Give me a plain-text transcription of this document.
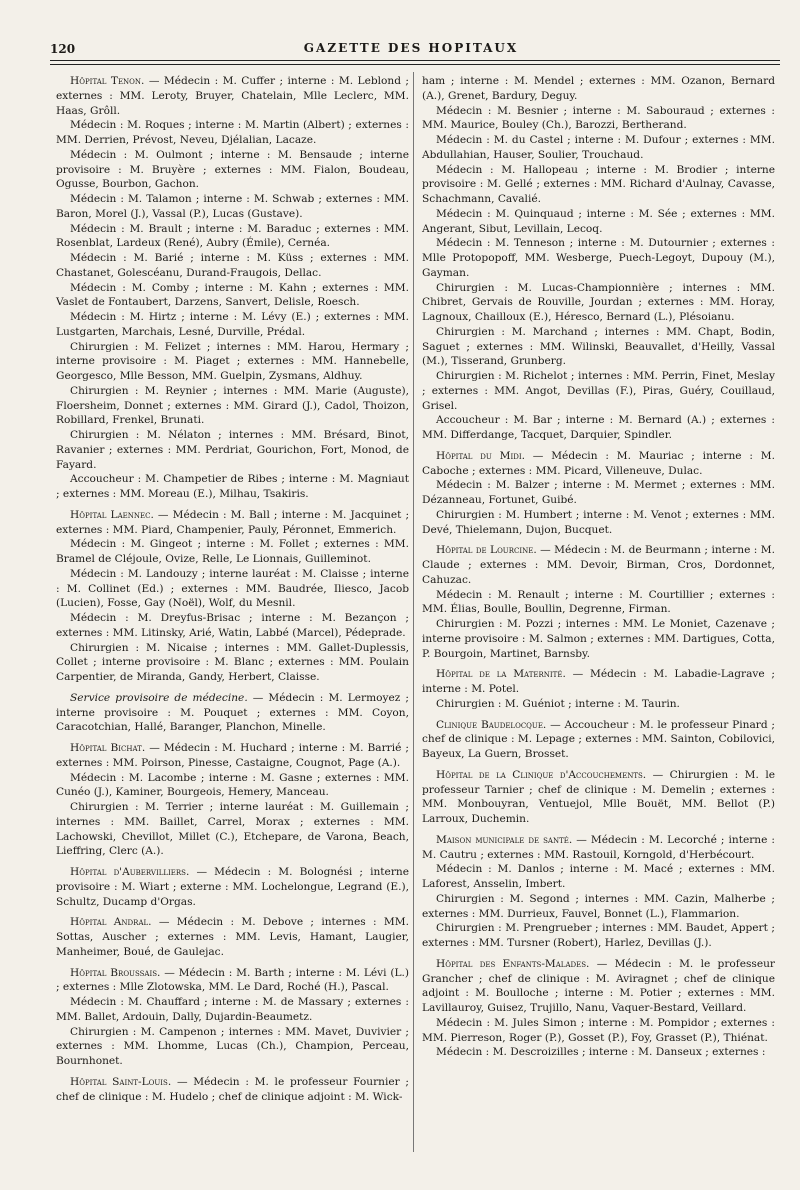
120	GAZETTE DES HOPITAUX

Hôpital Tenon. — Médecin : M. Cuffer ; interne : M. Leblond ; externes : MM. Leroty, Bruyer, Chatelain, Mlle Leclerc, MM. Haas, Grôll.

Médecin : M. Roques ; interne : M. Martin (Albert) ; externes : MM. Derrien, Prévost, Neveu, Djélalian, Lacaze.

Médecin : M. Oulmont ; interne : M. Bensaude ; interne provisoire : M. Bruyère ; externes : MM. Fialon, Boudeau, Ogusse, Bourbon, Gachon.

Médecin : M. Talamon ; interne : M. Schwab ; externes : MM. Baron, Morel (J.), Vassal (P.), Lucas (Gustave).

Médecin : M. Brault ; interne : M. Baraduc ; externes : MM. Rosenblat, Lardeux (René), Aubry (Émile), Cernéa.

Médecin : M. Barié ; interne : M. Küss ; externes : MM. Chastanet, Golescéanu, Durand-Fraugois, Dellac.

Médecin : M. Comby ; interne : M. Kahn ; externes : MM. Vaslet de Fontaubert, Darzens, Sanvert, Delisle, Roesch.

Médecin : M. Hirtz ; interne : M. Lévy (E.) ; externes : MM. Lustgarten, Marchais, Lesné, Durville, Prédal.

Chirurgien : M. Felizet ; internes : MM. Harou, Hermary ; interne provisoire : M. Piaget ; externes : MM. Hannebelle, Georgesco, Mlle Besson, MM. Guelpin, Zysmans, Aldhuy.

Chirurgien : M. Reynier ; internes : MM. Marie (Auguste), Floersheim, Donnet ; externes : MM. Girard (J.), Cadol, Thoizon, Robillard, Frenkel, Brunati.

Chirurgien : M. Nélaton ; internes : MM. Brésard, Binot, Ravanier ; externes : MM. Perdriat, Gourichon, Fort, Monod, de Fayard.

Accoucheur : M. Champetier de Ribes ; interne : M. Magniaut ; externes : MM. Moreau (E.), Milhau, Tsakiris.

Hôpital Laennec. — Médecin : M. Ball ; interne : M. Jacquinet ; externes : MM. Piard, Champenier, Pauly, Péronnet, Emmerich.

Médecin : M. Gingeot ; interne : M. Follet ; externes : MM. Bramel de Cléjoule, Ovize, Relle, Le Lionnais, Guilleminot.

Médecin : M. Landouzy ; interne lauréat : M. Claisse ; interne : M. Collinet (Ed.) ; externes : MM. Baudrée, Iliesco, Jacob (Lucien), Fosse, Gay (Noël), Wolf, du Mesnil.

Médecin : M. Dreyfus-Brisac ; interne : M. Bezançon ; externes : MM. Litinsky, Arié, Watin, Labbé (Marcel), Pédeprade.

Chirurgien : M. Nicaise ; internes : MM. Gallet-Duplessis, Collet ; interne provisoire : M. Blanc ; externes : MM. Poulain Carpentier, de Miranda, Gandy, Herbert, Claisse.

Service provisoire de médecine. — Médecin : M. Lermoyez ; interne provisoire : M. Pouquet ; externes : MM. Coyon, Caracotchian, Hallé, Baranger, Planchon, Minelle.

Hôpital Bichat. — Médecin : M. Huchard ; interne : M. Barrié ; externes : MM. Poirson, Pinesse, Castaigne, Cougnot, Page (A.).

Médecin : M. Lacombe ; interne : M. Gasne ; externes : MM. Cunéo (J.), Kaminer, Bourgeois, Hemery, Manceau.

Chirurgien : M. Terrier ; interne lauréat : M. Guillemain ; internes : MM. Baillet, Carrel, Morax ; externes : MM. Lachowski, Chevillot, Millet (C.), Etchepare, de Varona, Beach, Lieffring, Clerc (A.).

Hôpital d'Aubervilliers. — Médecin : M. Bolognési ; interne provisoire : M. Wiart ; externe : MM. Lochelongue, Legrand (E.), Schultz, Ducamp d'Orgas.

Hôpital Andral. — Médecin : M. Debove ; internes : MM. Sottas, Auscher ; externes : MM. Levis, Hamant, Laugier, Manheimer, Boué, de Gaulejac.

Hôpital Broussais. — Médecin : M. Barth ; interne : M. Lévi (L.) ; externes : Mlle Zlotowska, MM. Le Dard, Roché (H.), Pascal.

Médecin : M. Chauffard ; interne : M. de Massary ; externes : MM. Ballet, Ardouin, Dally, Dujardin-Beaumetz.

Chirurgien : M. Campenon ; internes : MM. Mavet, Duvivier ; externes : MM. Lhomme, Lucas (Ch.), Champion, Perceau, Bournhonet.

Hôpital Saint-Louis. — Médecin : M. le professeur Fournier ; chef de clinique : M. Hudelo ; chef de clinique adjoint : M. Wick-

ham ; interne : M. Mendel ; externes : MM. Ozanon, Bernard (A.), Grenet, Bardury, Deguy.

Médecin : M. Besnier ; interne : M. Sabouraud ; externes : MM. Maurice, Bouley (Ch.), Barozzi, Bertherand.

Médecin : M. du Castel ; interne : M. Dufour ; externes : MM. Abdullahian, Hauser, Soulier, Trouchaud.

Médecin : M. Hallopeau ; interne : M. Brodier ; interne provisoire : M. Gellé ; externes : MM. Richard d'Aulnay, Cavasse, Schachmann, Cavalié.

Médecin : M. Quinquaud ; interne : M. Sée ; externes : MM. Angerant, Sibut, Levillain, Lecoq.

Médecin : M. Tenneson ; interne : M. Dutournier ; externes : Mlle Protopopoff, MM. Wesberge, Puech-Legoyt, Dupouy (M.), Gayman.

Chirurgien : M. Lucas-Championnière ; internes : MM. Chibret, Gervais de Rouville, Jourdan ; externes : MM. Horay, Lagnoux, Chailloux (E.), Héresco, Bernard (L.), Plésoianu.

Chirurgien : M. Marchand ; internes : MM. Chapt, Bodin, Saguet ; externes : MM. Wilinski, Beauvallet, d'Heilly, Vassal (M.), Tisserand, Grunberg.

Chirurgien : M. Richelot ; internes : MM. Perrin, Finet, Meslay ; externes : MM. Angot, Devillas (F.), Piras, Guéry, Couillaud, Grisel.

Accoucheur : M. Bar ; interne : M. Bernard (A.) ; externes : MM. Differdange, Tacquet, Darquier, Spindler.

Hôpital du Midi. — Médecin : M. Mauriac ; interne : M. Caboche ; externes : MM. Picard, Villeneuve, Dulac.

Médecin : M. Balzer ; interne : M. Mermet ; externes : MM. Dézanneau, Fortunet, Guibé.

Chirurgien : M. Humbert ; interne : M. Venot ; externes : MM. Devé, Thielemann, Dujon, Bucquet.

Hôpital de Lourcine. — Médecin : M. de Beurmann ; interne : M. Claude ; externes : MM. Devoir, Birman, Cros, Dordonnet, Cahuzac.

Médecin : M. Renault ; interne : M. Courtillier ; externes : MM. Élias, Boulle, Boullin, Degrenne, Firman.

Chirurgien : M. Pozzi ; internes : MM. Le Moniet, Cazenave ; interne provisoire : M. Salmon ; externes : MM. Dartigues, Cotta, P. Bourgoin, Martinet, Barnsby.

Hôpital de la Maternité. — Médecin : M. Labadie-Lagrave ; interne : M. Potel.

Chirurgien : M. Guéniot ; interne : M. Taurin.

Clinique Baudelocque. — Accoucheur : M. le professeur Pinard ; chef de clinique : M. Lepage ; externes : MM. Sainton, Cobilovici, Bayeux, La Guern, Brosset.

Hôpital de la Clinique d'Accouchements. — Chirurgien : M. le professeur Tarnier ; chef de clinique : M. Demelin ; externes : MM. Monbouyran, Ventuejol, Mlle Bouët, MM. Bellot (P.) Larroux, Duchemin.

Maison municipale de santé. — Médecin : M. Lecorché ; interne : M. Cautru ; externes : MM. Rastouil, Korngold, d'Herbécourt.

Médecin : M. Danlos ; interne : M. Macé ; externes : MM. Laforest, Ansselin, Imbert.

Chirurgien : M. Segond ; internes : MM. Cazin, Malherbe ; externes : MM. Durrieux, Fauvel, Bonnet (L.), Flammarion.

Chirurgien : M. Prengrueber ; internes : MM. Baudet, Appert ; externes : MM. Tursner (Robert), Harlez, Devillas (J.).

Hôpital des Enfants-Malades. — Médecin : M. le professeur Grancher ; chef de clinique : M. Aviragnet ; chef de clinique adjoint : M. Boulloche ; interne : M. Potier ; externes : MM. Lavillauroy, Guisez, Trujillo, Nanu, Vaquer-Bestard, Veillard.

Médecin : M. Jules Simon ; interne : M. Pompidor ; externes : MM. Pierreson, Roger (P.), Gosset (P.), Foy, Grasset (P.), Thiénat.

Médecin : M. Descroizilles ; interne : M. Danseux ; externes :
